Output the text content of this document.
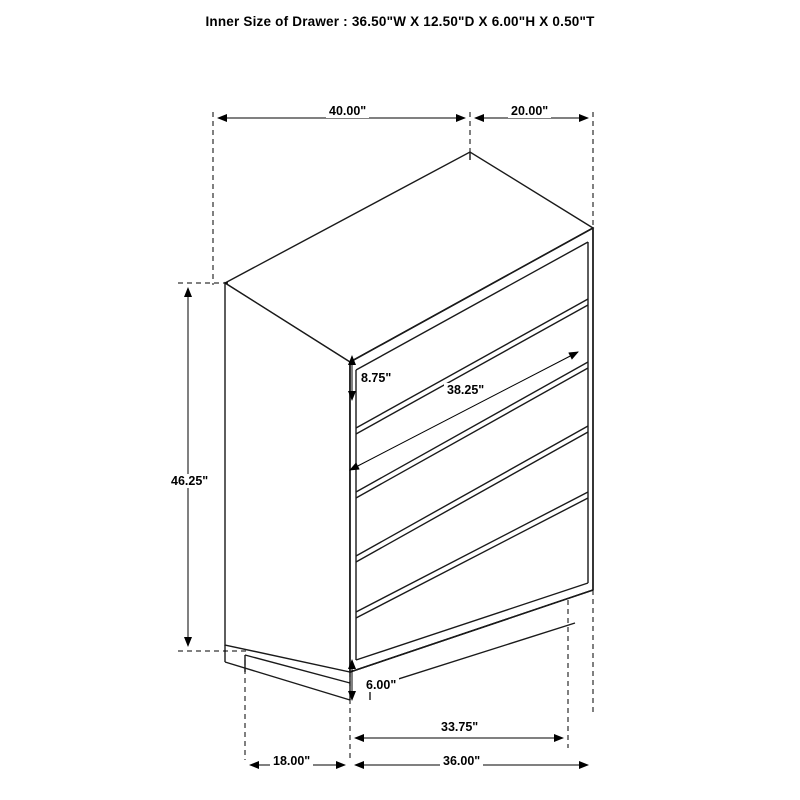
Inner Size of Drawer : 36.50"W X 12.50"D X 6.00"H X 0.50"T
40.00"	20.00"
46.25"
8.75"
38.25"
6.00"
33.75"
18.00"	36.00"
